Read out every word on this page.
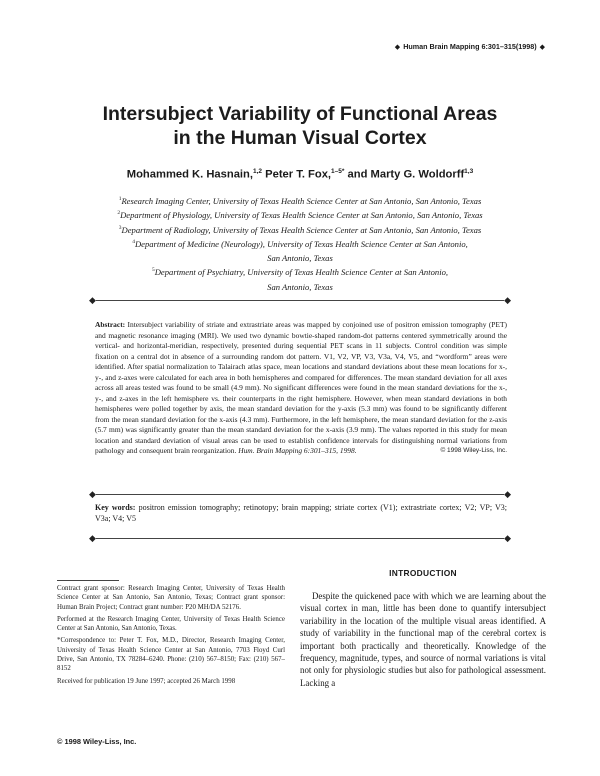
◆ Human Brain Mapping 6:301–315(1998) ◆
Intersubject Variability of Functional Areas
in the Human Visual Cortex
Mohammed K. Hasnain,$^{1,2}$ Peter T. Fox,$^{1-5*}$ and Marty G. Woldorff$^{1,3}$
$^1$Research Imaging Center, University of Texas Health Science Center at San Antonio, San Antonio, Texas
$^2$Department of Physiology, University of Texas Health Science Center at San Antonio, San Antonio, Texas
$^3$Department of Radiology, University of Texas Health Science Center at San Antonio, San Antonio, Texas
$^4$Department of Medicine (Neurology), University of Texas Health Science Center at San Antonio,
San Antonio, Texas
$^5$Department of Psychiatry, University of Texas Health Science Center at San Antonio,
San Antonio, Texas
◆	◆
Abstract: Intersubject variability of striate and extrastriate areas was mapped by conjoined use of positron emission tomography (PET) and magnetic resonance imaging (MRI). We used two dynamic bowtie-shaped random-dot patterns centered symmetrically around the vertical- and horizontal-meridian, respectively, presented during sequential PET scans in 11 subjects. Control condition was simple fixation on a central dot in absence of a surrounding random dot pattern. V1, V2, VP, V3, V3a, V4, V5, and “wordform” areas were identified. After spatial normalization to Talairach atlas space, mean locations and standard deviations about these mean locations for x-, y-, and z-axes were calculated for each area in both hemispheres and compared for differences. The mean standard deviation for all axes across all areas tested was found to be small (4.9 mm). No significant differences were found in the mean standard deviations for the x-, y-, and z-axes in the left hemisphere vs. their counterparts in the right hemisphere. However, when mean standard deviations in both hemispheres were polled together by axis, the mean standard deviation for the y-axis (5.3 mm) was found to be significantly different from the mean standard deviation for the x-axis (4.3 mm). Furthermore, in the left hemisphere, the mean standard deviation for the z-axis (5.7 mm) was significantly greater than the mean standard deviation for the x-axis (3.9 mm). The values reported in this study for mean location and standard deviation of visual areas can be used to establish confidence intervals for distinguishing normal variations from pathology and consequent brain reorganization. Hum. Brain Mapping 6:301–315, 1998.	© 1998 Wiley-Liss, Inc.
◆	◆
Key words: positron emission tomography; retinotopy; brain mapping; striate cortex (V1); extrastriate cortex; V2; VP; V3; V3a; V4; V5
◆	◆

Contract grant sponsor: Research Imaging Center, University of Texas Health Science Center at San Antonio, San Antonio, Texas; Contract grant sponsor: Human Brain Project; Contract grant number: P20 MH/DA 52176.

Performed at the Research Imaging Center, University of Texas Health Science Center at San Antonio, San Antonio, Texas.

*Correspondence to: Peter T. Fox, M.D., Director, Research Imaging Center, University of Texas Health Science Center at San Antonio, 7703 Floyd Curl Drive, San Antonio, TX 78284–6240. Phone: (210) 567–8150; Fax: (210) 567–8152

Received for publication 19 June 1997; accepted 26 March 1998

© 1998 Wiley-Liss, Inc.
INTRODUCTION

Despite the quickened pace with which we are learning about the visual cortex in man, little has been done to quantify intersubject variability in the location of the multiple visual areas identified. A study of variability in the functional map of the cerebral cortex is important both practically and theoretically. Knowledge of the frequency, magnitude, types, and source of normal variations is vital not only for physiologic studies but also for pathological assessment. Lacking a
